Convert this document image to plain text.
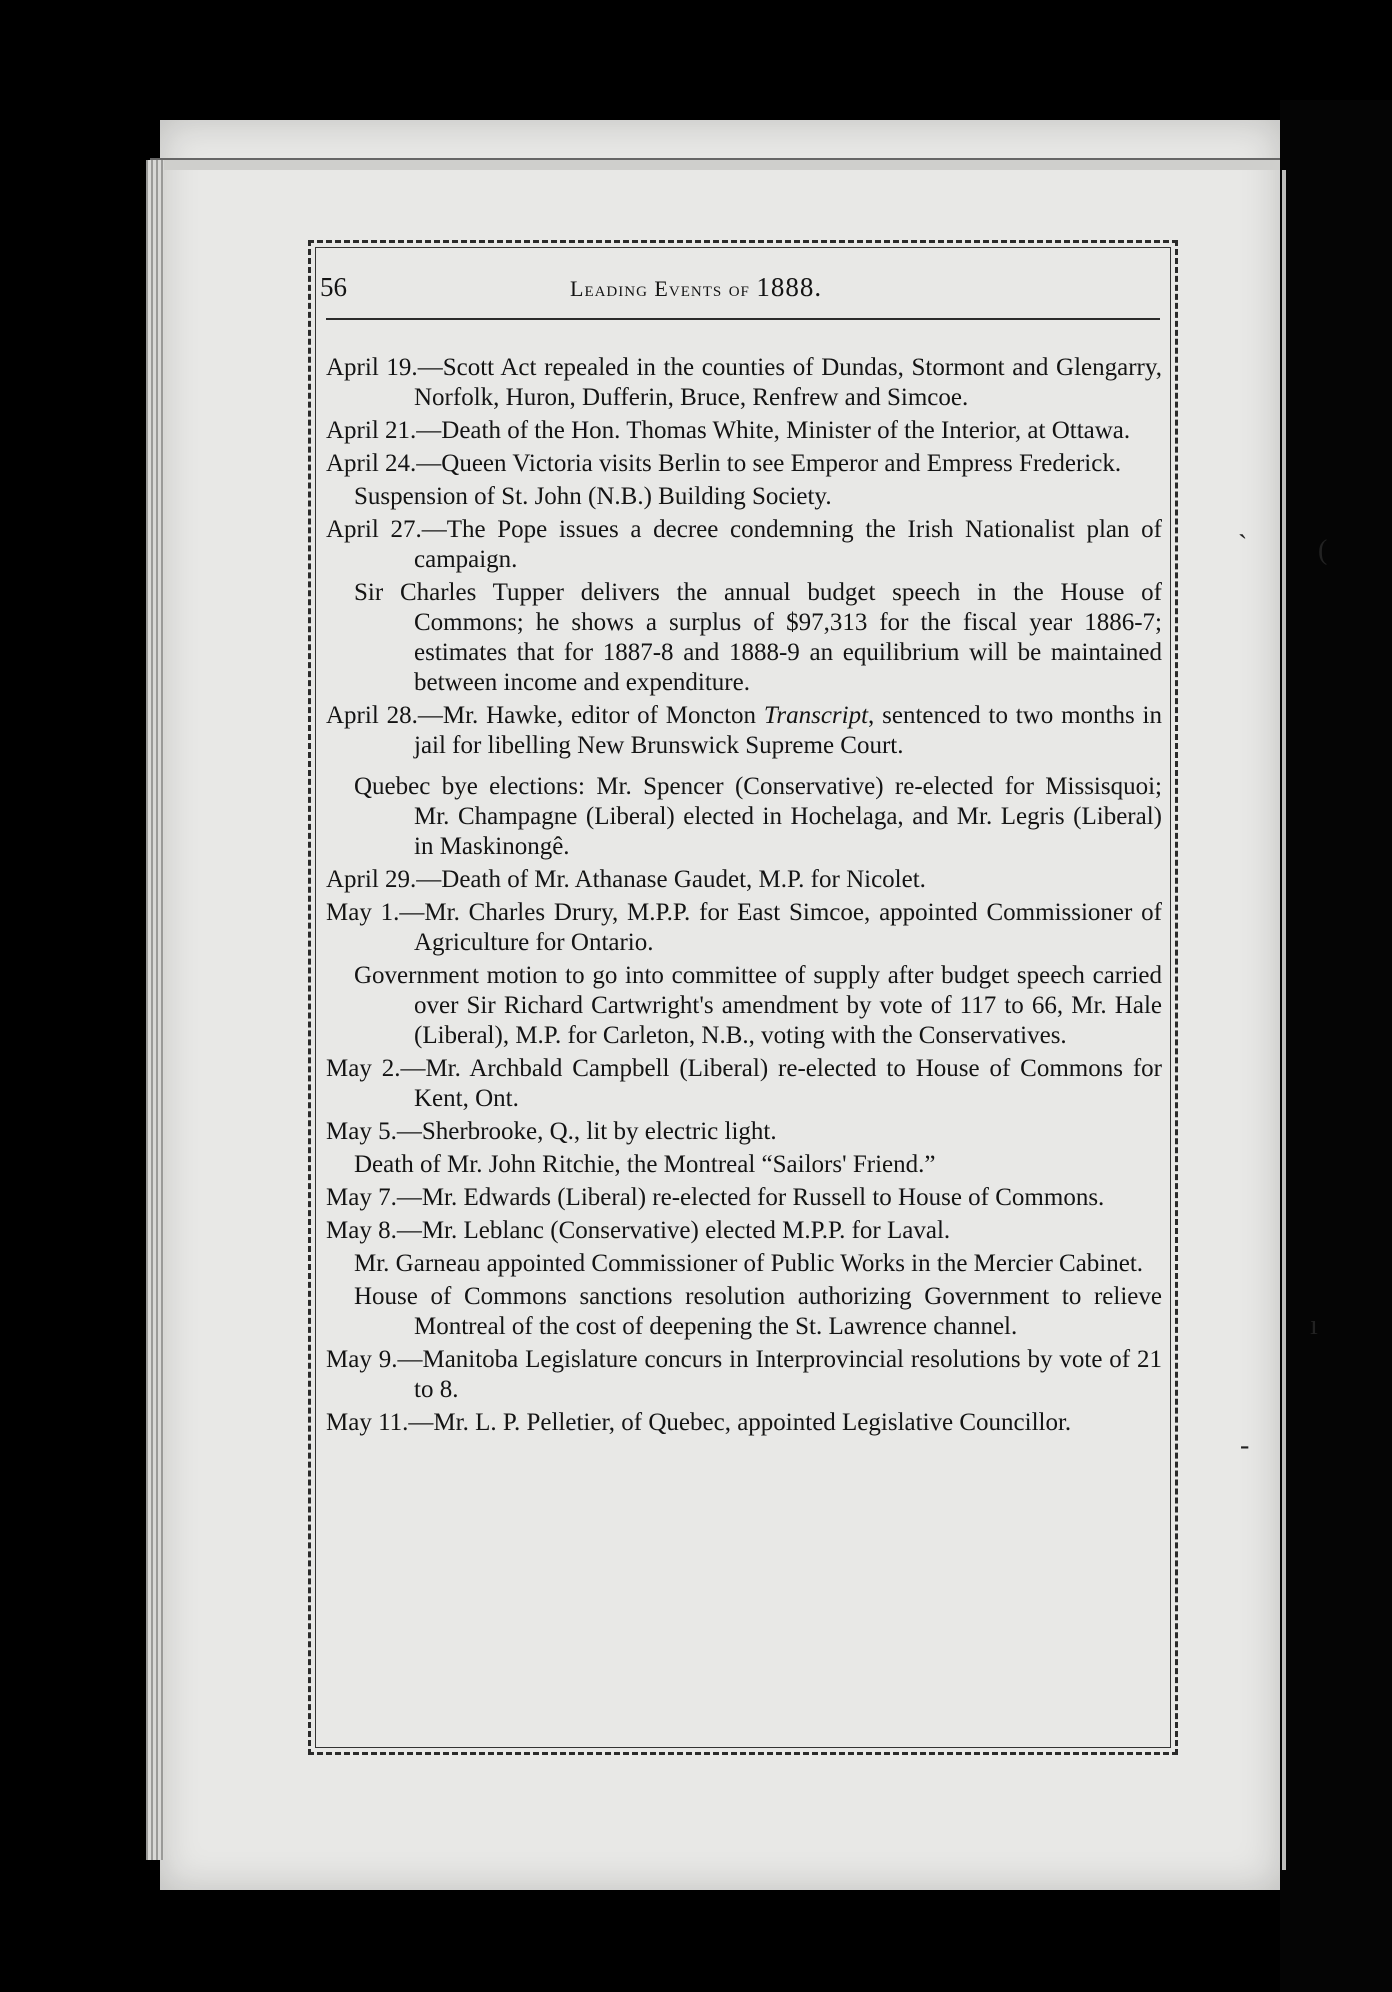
56	Leading Events of 1888.

April 19.—Scott Act repealed in the counties of Dundas, Stormont and Glengarry, Norfolk, Huron, Dufferin, Bruce, Renfrew and Simcoe.

April 21.—Death of the Hon. Thomas White, Minister of the Interior, at Ottawa.

April 24.—Queen Victoria visits Berlin to see Emperor and Empress Frederick.

Suspension of St. John (N.B.) Building Society.

April 27.—The Pope issues a decree condemning the Irish Nationalist plan of campaign.

Sir Charles Tupper delivers the annual budget speech in the House of Commons; he shows a surplus of $97,313 for the fiscal year 1886-7; estimates that for 1887-8 and 1888-9 an equilibrium will be maintained between income and expenditure.

April 28.—Mr. Hawke, editor of Moncton Transcript, sentenced to two months in jail for libelling New Brunswick Supreme Court.

Quebec bye elections: Mr. Spencer (Conservative) re-elected for Missisquoi; Mr. Champagne (Liberal) elected in Hochelaga, and Mr. Legris (Liberal) in Maskinongê.

April 29.—Death of Mr. Athanase Gaudet, M.P. for Nicolet.

May 1.—Mr. Charles Drury, M.P.P. for East Simcoe, appointed Commissioner of Agriculture for Ontario.

Government motion to go into committee of supply after budget speech carried over Sir Richard Cartwright's amendment by vote of 117 to 66, Mr. Hale (Liberal), M.P. for Carleton, N.B., voting with the Conservatives.

May 2.—Mr. Archbald Campbell (Liberal) re-elected to House of Commons for Kent, Ont.

May 5.—Sherbrooke, Q., lit by electric light.

Death of Mr. John Ritchie, the Montreal “Sailors' Friend.”

May 7.—Mr. Edwards (Liberal) re-elected for Russell to House of Commons.

May 8.—Mr. Leblanc (Conservative) elected M.P.P. for Laval.

Mr. Garneau appointed Commissioner of Public Works in the Mercier Cabinet.

House of Commons sanctions resolution authorizing Government to relieve Montreal of the cost of deepening the St. Lawrence channel.

May 9.—Manitoba Legislature concurs in Interprovincial resolutions by vote of 21 to 8.

May 11.—Mr. L. P. Pelletier, of Quebec, appointed Legislative Councillor.

ˋ	(
ı
-
